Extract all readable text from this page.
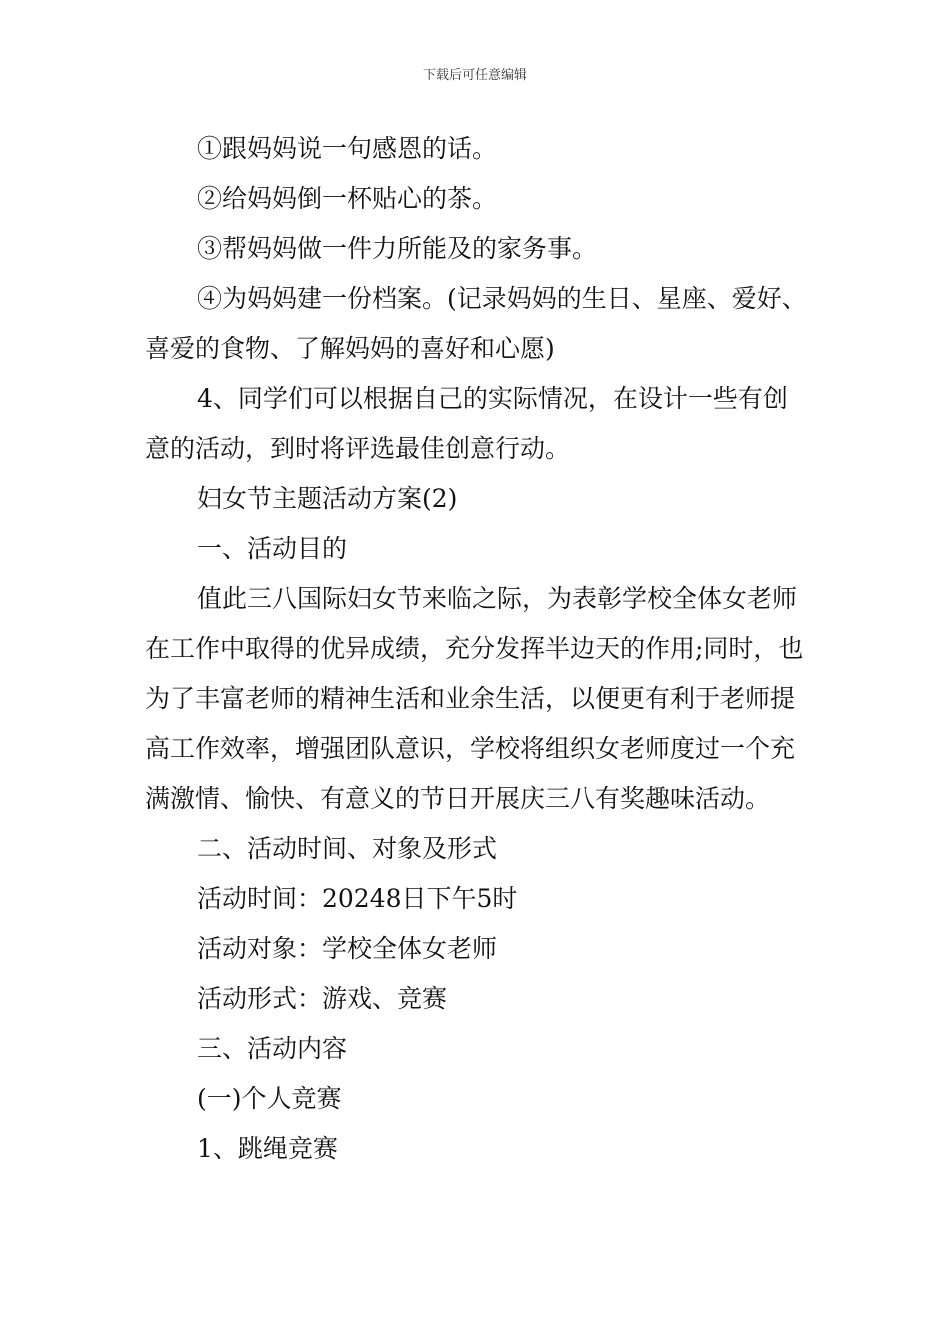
下载后可任意编辑

①跟妈妈说一句感恩的话。

②给妈妈倒一杯贴心的茶。

③帮妈妈做一件力所能及的家务事。

④为妈妈建一份档案。(记录妈妈的生日、星座、爱好、喜爱的食物、了解妈妈的喜好和心愿)

4、同学们可以根据自己的实际情况，在设计一些有创意的活动，到时将评选最佳创意行动。

妇女节主题活动方案(2)

一、活动目的

值此三八国际妇女节来临之际，为表彰学校全体女老师在工作中取得的优异成绩，充分发挥半边天的作用;同时，也为了丰富老师的精神生活和业余生活，以便更有利于老师提高工作效率，增强团队意识，学校将组织女老师度过一个充满激情、愉快、有意义的节日开展庆三八有奖趣味活动。

二、活动时间、对象及形式

活动时间：20248日下午5时

活动对象：学校全体女老师

活动形式：游戏、竞赛

三、活动内容

(一)个人竞赛

1、跳绳竞赛
